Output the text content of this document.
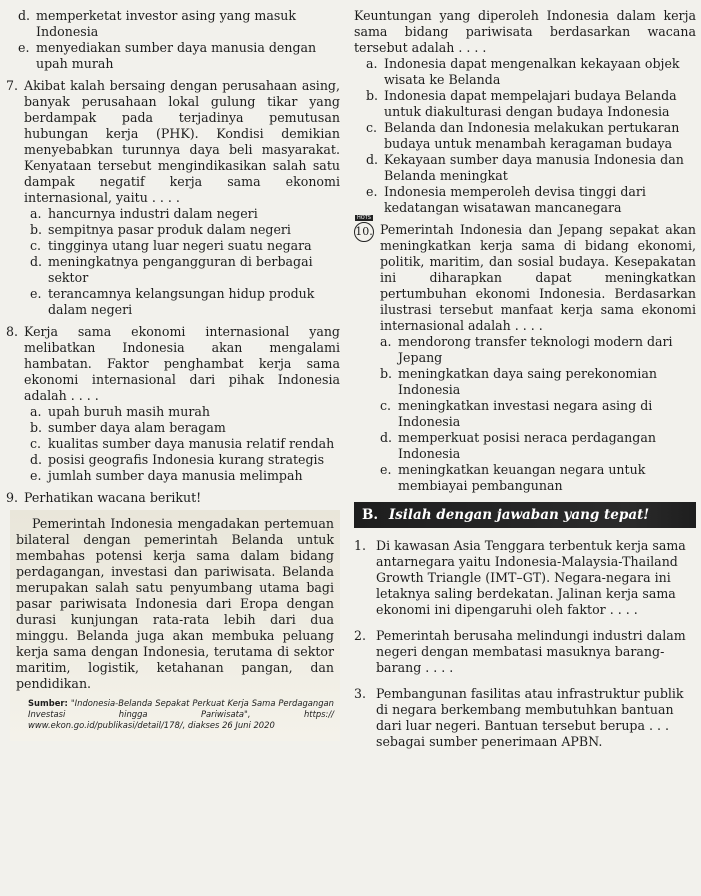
d. memperketat investor asing yang masuk Indonesia
e. menyediakan sumber daya manusia dengan upah murah
7. Akibat kalah bersaing dengan perusahaan asing, banyak perusahaan lokal gulung tikar yang berdampak pada terjadinya pemutusan hubungan kerja (PHK). Kondisi demikian menyebabkan turunnya daya beli masyarakat. Kenyataan tersebut mengindikasikan salah satu dampak negatif kerja sama ekonomi internasional, yaitu . . . .
a. hancurnya industri dalam negeri
b. sempitnya pasar produk dalam negeri
c. tingginya utang luar negeri suatu negara
d. meningkatnya pengangguran di berbagai sektor
e. terancamnya kelangsungan hidup produk dalam negeri
8. Kerja sama ekonomi internasional yang melibatkan Indonesia akan mengalami hambatan. Faktor penghambat kerja sama ekonomi internasional dari pihak Indonesia adalah . . . .
a. upah buruh masih murah
b. sumber daya alam beragam
c. kualitas sumber daya manusia relatif rendah
d. posisi geografis Indonesia kurang strategis
e. jumlah sumber daya manusia melimpah
9. Perhatikan wacana berikut!
Pemerintah Indonesia mengadakan pertemuan bilateral dengan pemerintah Belanda untuk membahas potensi kerja sama dalam bidang perdagangan, investasi dan pariwisata. Belanda merupakan salah satu penyumbang utama bagi pasar pariwisata Indonesia dari Eropa dengan durasi kunjungan rata-rata lebih dari dua minggu. Belanda juga akan membuka peluang kerja sama dengan Indonesia, terutama di sektor maritim, logistik, ketahanan pangan, dan pendidikan.
Sumber: "Indonesia-Belanda Sepakat Perkuat Kerja Sama Perdagangan Investasi hingga Pariwisata", https:// www.ekon.go.id/publikasi/detail/178/, diakses 26 Juni 2020
Keuntungan yang diperoleh Indonesia dalam kerja sama bidang pariwisata berdasarkan wacana tersebut adalah . . . .
a. Indonesia dapat mengenalkan kekayaan objek wisata ke Belanda
b. Indonesia dapat mempelajari budaya Belanda untuk diakulturasi dengan budaya Indonesia
c. Belanda dan Indonesia melakukan pertukaran budaya untuk menambah keragaman budaya
d. Kekayaan sumber daya manusia Indonesia dan Belanda meningkat
e. Indonesia memperoleh devisa tinggi dari kedatangan wisatawan mancanegara
HOTS
10. Pemerintah Indonesia dan Jepang sepakat akan meningkatkan kerja sama di bidang ekonomi, politik, maritim, dan sosial budaya. Kesepakatan ini diharapkan dapat meningkatkan pertumbuhan ekonomi Indonesia. Berdasarkan ilustrasi tersebut manfaat kerja sama ekonomi internasional adalah . . . .
a. mendorong transfer teknologi modern dari Jepang
b. meningkatkan daya saing perekonomian Indonesia
c. meningkatkan investasi negara asing di Indonesia
d. memperkuat posisi neraca perdagangan Indonesia
e. meningkatkan keuangan negara untuk membiayai pembangunan
B. Isilah dengan jawaban yang tepat!
1. Di kawasan Asia Tenggara terbentuk kerja sama antarnegara yaitu Indonesia-Malaysia-Thailand Growth Triangle (IMT–GT). Negara-negara ini letaknya saling berdekatan. Jalinan kerja sama ekonomi ini dipengaruhi oleh faktor . . . .
2. Pemerintah berusaha melindungi industri dalam negeri dengan membatasi masuknya barang-barang . . . .
3. Pembangunan fasilitas atau infrastruktur publik di negara berkembang membutuhkan bantuan dari luar negeri. Bantuan tersebut berupa . . . sebagai sumber penerimaan APBN.
